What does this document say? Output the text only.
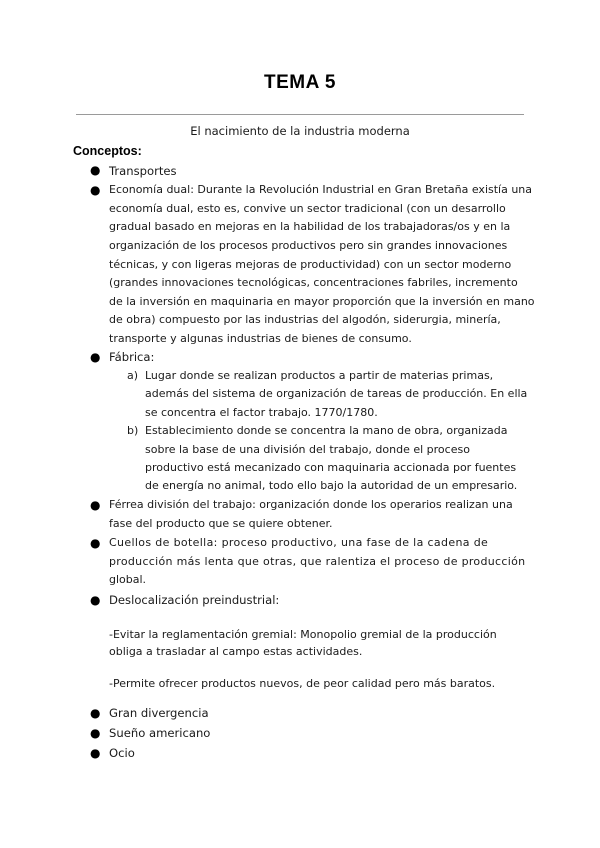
TEMA 5
El nacimiento de la industria moderna
Conceptos:
● Transportes
● Economía dual: Durante la Revolución Industrial en Gran Bretaña existía una
economía dual, esto es, convive un sector tradicional (con un desarrollo
gradual basado en mejoras en la habilidad de los trabajadoras/os y en la
organización de los procesos productivos pero sin grandes innovaciones
técnicas, y con ligeras mejoras de productividad) con un sector moderno
(grandes innovaciones tecnológicas, concentraciones fabriles, incremento
de la inversión en maquinaria en mayor proporción que la inversión en mano
de obra) compuesto por las industrias del algodón, siderurgia, minería,
transporte y algunas industrias de bienes de consumo.
● Fábrica:
a) Lugar donde se realizan productos a partir de materias primas,
además del sistema de organización de tareas de producción. En ella
se concentra el factor trabajo. 1770/1780.
b) Establecimiento donde se concentra la mano de obra, organizada
sobre la base de una división del trabajo, donde el proceso
productivo está mecanizado con maquinaria accionada por fuentes
de energía no animal, todo ello bajo la autoridad de un empresario.
● Férrea división del trabajo: organización donde los operarios realizan una
fase del producto que se quiere obtener.
● Cuellos de botella: proceso productivo, una fase de la cadena de
producción más lenta que otras, que ralentiza el proceso de producción
global.
● Deslocalización preindustrial:
-Evitar la reglamentación gremial: Monopolio gremial de la producción
obliga a trasladar al campo estas actividades.
-Permite ofrecer productos nuevos, de peor calidad pero más baratos.
● Gran divergencia
● Sueño americano
● Ocio
